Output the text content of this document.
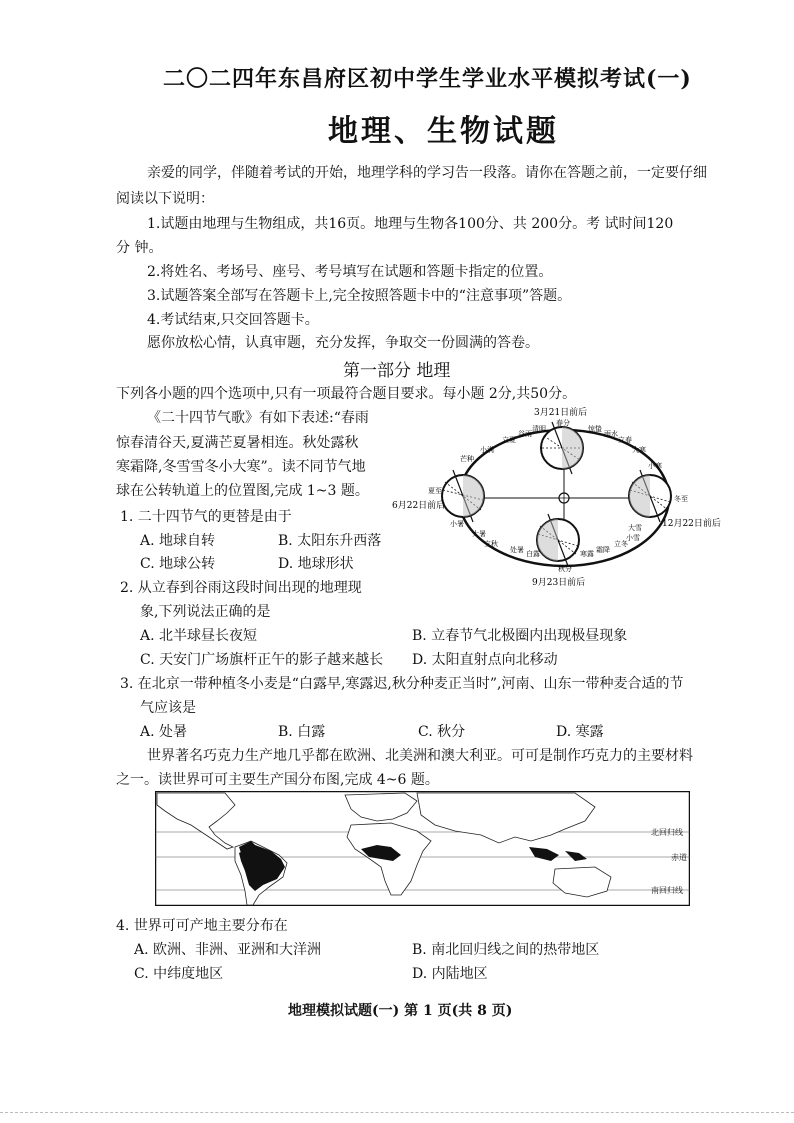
二〇二四年东昌府区初中学生学业水平模拟考试(一)
地理、生物试题
亲爱的同学，伴随着考试的开始，地理学科的学习告一段落。请你在答题之前，一定要仔细
阅读以下说明：
1.试题由地理与生物组成，共16页。地理与生物各100分、共 200分。考 试时间120
分 钟。
2.将姓名、考场号、座号、考号填写在试题和答题卡指定的位置。
3.试题答案全部写在答题卡上,完全按照答题卡中的“注意事项”答题。
4.考试结束,只交回答题卡。
愿你放松心情，认真审题，充分发挥，争取交一份圆满的答卷。
第一部分 地理
下列各小题的四个选项中,只有一项最符合题目要求。每小题 2分,共50分。
《二十四节气歌》有如下表述:“春雨
惊春清谷天,夏满芒夏暑相连。秋处露秋
寒霜降,冬雪雪冬小大寒”。读不同节气地
球在公转轨道上的位置图,完成 1~3 题。
3月21日前后
6月22日前后
12月22日前后
9月23日前后
春分
夏至
秋分
冬至
立夏
谷雨
清明	惊蛰
雨水
立春
芒种
小满	大寒
小寒
小暑
大暑
立秋
处暑 白露	寒露 霜降
立冬
小雪
大雪
1. 二十四节气的更替是由于
A. 地球自转	B. 太阳东升西落
C. 地球公转	D. 地球形状
2. 从立春到谷雨这段时间出现的地理现
象,下列说法正确的是
A. 北半球昼长夜短	B. 立春节气北极圈内出现极昼现象
C. 天安门广场旗杆正午的影子越来越长 D. 太阳直射点向北移动
3. 在北京一带种植冬小麦是“白露早,寒露迟,秋分种麦正当时”,河南、山东一带种麦合适的节
气应该是
A. 处暑	B. 白露	C. 秋分	D. 寒露
世界著名巧克力生产地几乎都在欧洲、北美洲和澳大利亚。可可是制作巧克力的主要材料
之一。读世界可可主要生产国分布图,完成 4~6 题。
北回归线
赤道
南回归线
4. 世界可可产地主要分布在
A. 欧洲、非洲、亚洲和大洋洲	B. 南北回归线之间的热带地区
C. 中纬度地区	D. 内陆地区
地理模拟试题(一) 第 1 页(共 8 页)
